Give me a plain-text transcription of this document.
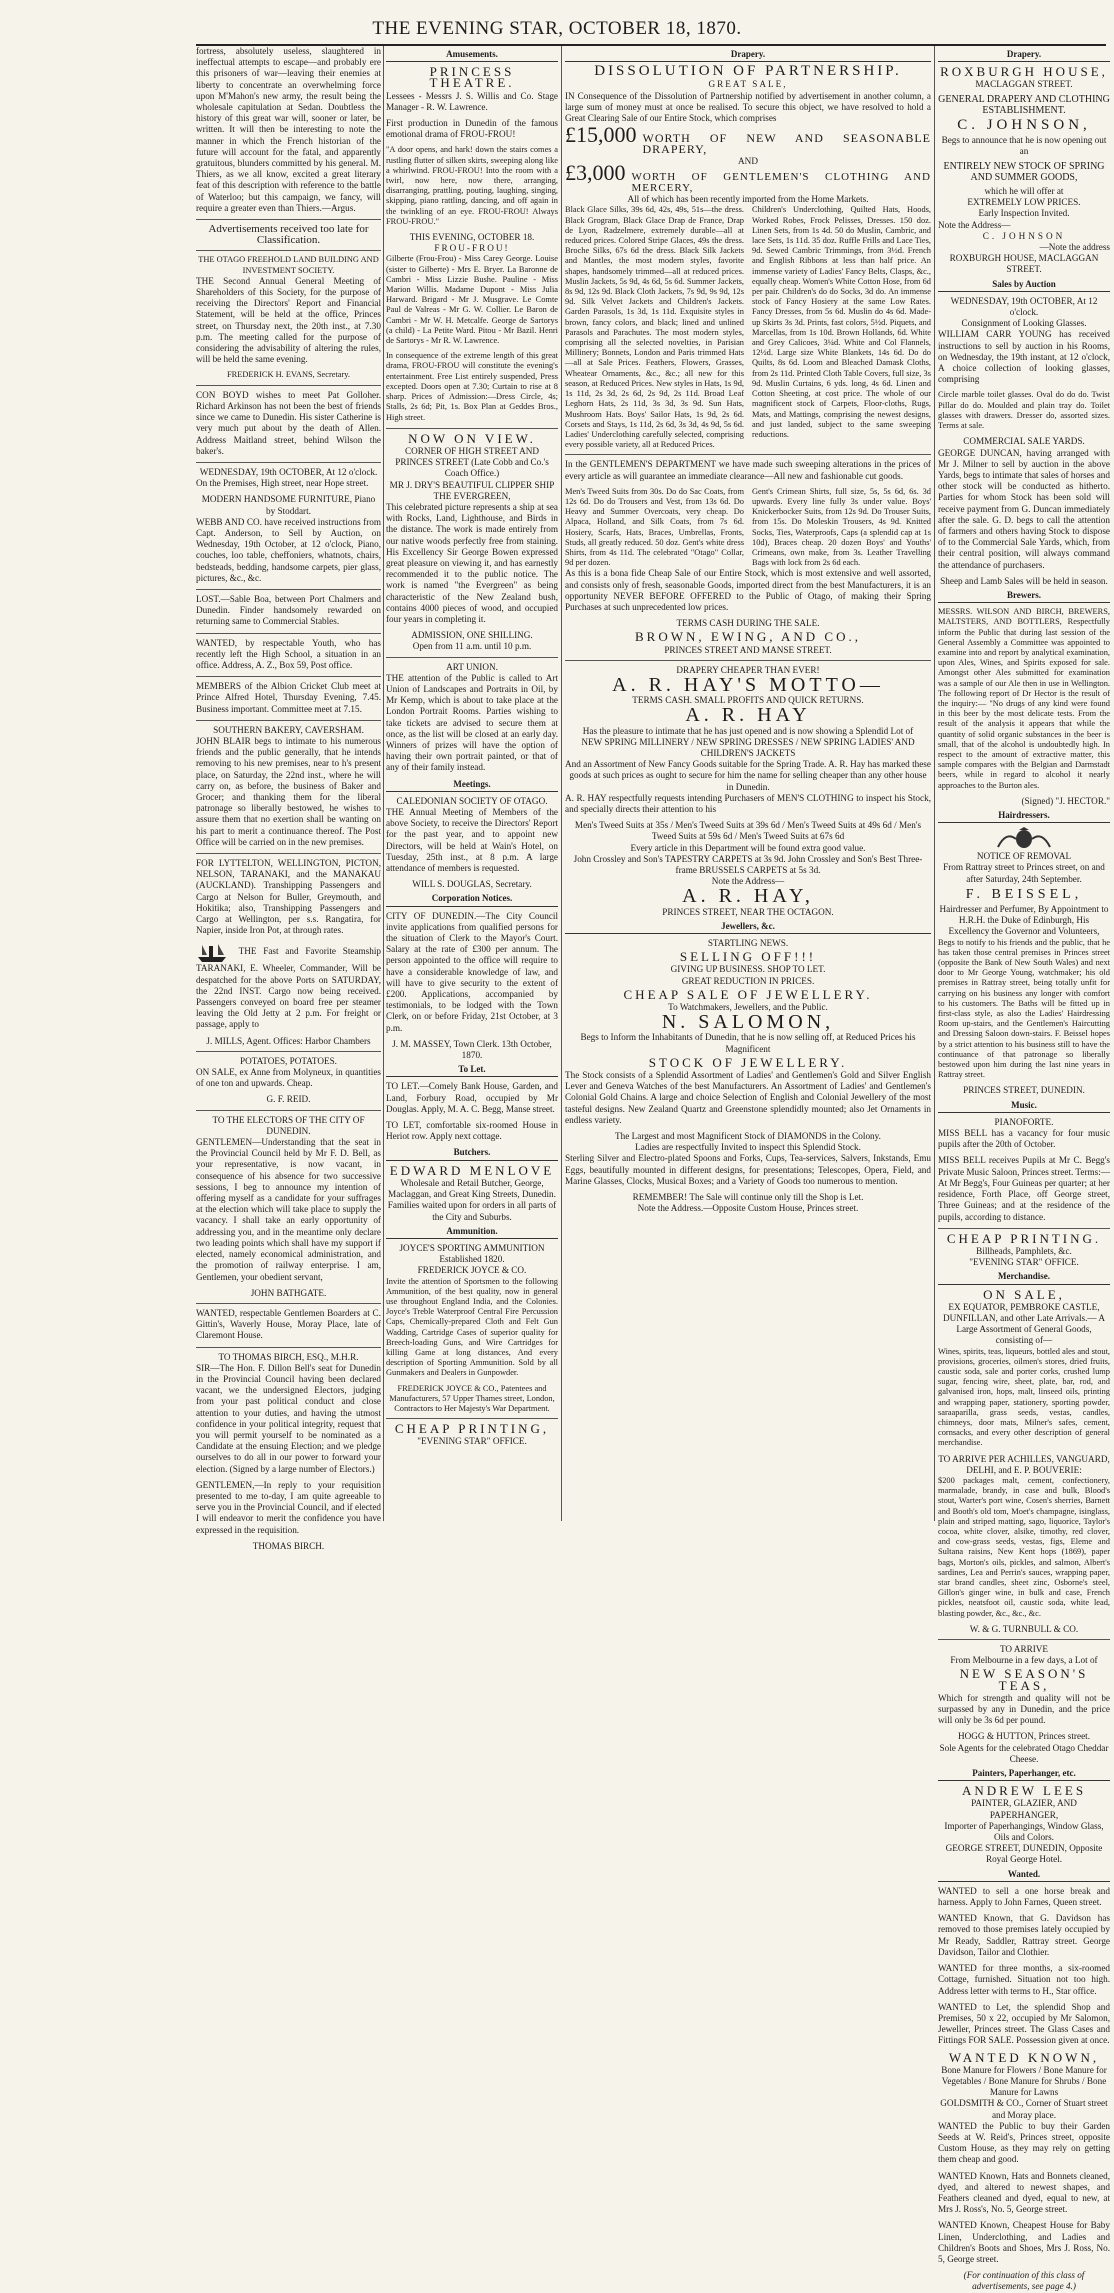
THE EVENING STAR, OCTOBER 18, 1870.

fortress, absolutely useless, slaughtered in ineffectual attempts to escape—and probably ere this prisoners of war—leaving their enemies at liberty to concentrate an overwhelming force upon M'Mahon's new army, the result being the wholesale capitulation at Sedan. Doubtless the history of this great war will, sooner or later, be written. It will then be interesting to note the manner in which the French historian of the future will account for the fatal, and apparently gratuitous, blunders committed by his general. M. Thiers, as we all know, excited a great literary feat of this description with reference to the battle of Waterloo; but this campaign, we fancy, will require a greater even than Thiers.—Argus.

Advertisements received too late for Classification.
THE OTAGO FREEHOLD LAND BUILDING AND INVESTMENT SOCIETY.

THE Second Annual General Meeting of Shareholders of this Society, for the purpose of receiving the Directors' Report and Financial Statement, will be held at the office, Princes street, on Thursday next, the 20th inst., at 7.30 p.m. The meeting called for the purpose of considering the advisability of altering the rules, will be held the same evening.

FREDERICK H. EVANS, Secretary.

CON BOYD wishes to meet Pat Golloher. Richard Arkinson has not been the best of friends since we came to Dunedin. His sister Catherine is very much put about by the death of Allen. Address Maitland street, behind Wilson the baker's.

WEDNESDAY, 19th OCTOBER, At 12 o'clock.

On the Premises, High street, near Hope street.

MODERN HANDSOME FURNITURE, Piano by Stoddart.

WEBB AND CO. have received instructions from Capt. Anderson, to Sell by Auction, on Wednesday, 19th October, at 12 o'clock, Piano, couches, loo table, cheffoniers, whatnots, chairs, bedsteads, bedding, handsome carpets, pier glass, pictures, &c., &c.

LOST.—Sable Boa, between Port Chalmers and Dunedin. Finder handsomely rewarded on returning same to Commercial Stables.

WANTED, by respectable Youth, who has recently left the High School, a situation in an office. Address, A. Z., Box 59, Post office.

MEMBERS of the Albion Cricket Club meet at Prince Alfred Hotel, Thursday Evening, 7.45. Business important. Committee meet at 7.15.

SOUTHERN BAKERY, CAVERSHAM.

JOHN BLAIR begs to intimate to his numerous friends and the public generally, that he intends removing to his new premises, near to h's present place, on Saturday, the 22nd inst., where he will carry on, as before, the business of Baker and Grocer; and thanking them for the liberal patronage so liberally bestowed, he wishes to assure them that no exertion shall be wanting on his part to merit a continuance thereof. The Post Office will be carried on in the new premises.

FOR LYTTELTON, WELLINGTON, PICTON, NELSON, TARANAKI, and the MANAKAU (AUCKLAND). Transhipping Passengers and Cargo at Nelson for Buller, Greymouth, and Hokitika; also, Transhipping Passengers and Cargo at Wellington, per s.s. Rangatira, for Napier, inside Iron Pot, at through rates.

THE Fast and Favorite Steamship TARANAKI, E. Wheeler, Commander, Will be despatched for the above Ports on SATURDAY, the 22nd INST. Cargo now being received. Passengers conveyed on board free per steamer leaving the Old Jetty at 2 p.m. For freight or passage, apply to

J. MILLS, Agent. Offices: Harbor Chambers
POTATOES, POTATOES.

ON SALE, ex Anne from Molyneux, in quantities of one ton and upwards. Cheap.

G. F. REID.
TO THE ELECTORS OF THE CITY OF DUNEDIN.

GENTLEMEN—Understanding that the seat in the Provincial Council held by Mr F. D. Bell, as your representative, is now vacant, in consequence of his absence for two successive sessions, I beg to announce my intention of offering myself as a candidate for your suffrages at the election which will take place to supply the vacancy. I shall take an early opportunity of addressing you, and in the meantime only declare two leading points which shall have my support if elected, namely economical administration, and the promotion of railway enterprise. I am, Gentlemen, your obedient servant,

JOHN BATHGATE.

WANTED, respectable Gentlemen Boarders at C. Gittin's, Waverly House, Moray Place, late of Claremont House.

TO THOMAS BIRCH, ESQ., M.H.R.

SIR—The Hon. F. Dillon Bell's seat for Dunedin in the Provincial Council having been declared vacant, we the undersigned Electors, judging from your past political conduct and close attention to your duties, and having the utmost confidence in your political integrity, request that you will permit yourself to be nominated as a Candidate at the ensuing Election; and we pledge ourselves to do all in our power to forward your election. (Signed by a large number of Electors.)

GENTLEMEN,—In reply to your requisition presented to me to-day, I am quite agreeable to serve you in the Provincial Council, and if elected I will endeavor to merit the confidence you have expressed in the requisition.

THOMAS BIRCH.
Amusements.
PRINCESS THEATRE.

Lessees - Messrs J. S. Willis and Co. Stage Manager - R. W. Lawrence.

First production in Dunedin of the famous emotional drama of FROU-FROU!

"A door opens, and hark! down the stairs comes a rustling flutter of silken skirts, sweeping along like a whirlwind. FROU-FROU! Into the room with a twirl, now here, now there, arranging, disarranging, prattling, pouting, laughing, singing, skipping, piano rattling, dancing, and off again in the twinkling of an eye. FROU-FROU! Always FROU-FROU."

THIS EVENING, OCTOBER 18.
FROU-FROU!

Gilberte (Frou-Frou) - Miss Carey George. Louise (sister to Gilberte) - Mrs E. Bryer. La Baronne de Cambri - Miss Lizzie Bushe. Pauline - Miss Marion Willis. Madame Dupont - Miss Julia Harward. Brigard - Mr J. Musgrave. Le Comte Paul de Valreas - Mr G. W. Collier. Le Baron de Cambri - Mr W. H. Metcalfe. George de Sartorys (a child) - La Petite Ward. Pitou - Mr Bazil. Henri de Sartorys - Mr R. W. Lawrence.

In consequence of the extreme length of this great drama, FROU-FROU will constitute the evening's entertainment. Free List entirely suspended, Press excepted. Doors open at 7.30; Curtain to rise at 8 sharp. Prices of Admission:—Dress Circle, 4s; Stalls, 2s 6d; Pit, 1s. Box Plan at Geddes Bros., High street.

NOW ON VIEW.
CORNER OF HIGH STREET AND PRINCES STREET (Late Cobb and Co.'s Coach Office.)
MR J. DRY'S BEAUTIFUL CLIPPER SHIP THE EVERGREEN,

This celebrated picture represents a ship at sea with Rocks, Land, Lighthouse, and Birds in the distance. The work is made entirely from our native woods perfectly free from staining. His Excellency Sir George Bowen expressed great pleasure on viewing it, and has earnestly recommended it to the public notice. The work is named "the Evergreen" as being characteristic of the New Zealand bush, contains 4000 pieces of wood, and occupied four years in completing it.

ADMISSION, ONE SHILLING.
Open from 11 a.m. until 10 p.m.
ART UNION.

THE attention of the Public is called to Art Union of Landscapes and Portraits in Oil, by Mr Kemp, which is about to take place at the London Portrait Rooms. Parties wishing to take tickets are advised to secure them at once, as the list will be closed at an early day. Winners of prizes will have the option of having their own portrait painted, or that of any of their family instead.

Meetings.
CALEDONIAN SOCIETY OF OTAGO.

THE Annual Meeting of Members of the above Society, to receive the Directors' Report for the past year, and to appoint new Directors, will be held at Wain's Hotel, on Tuesday, 25th inst., at 8 p.m. A large attendance of members is requested.

WILL S. DOUGLAS, Secretary.
Corporation Notices.

CITY OF DUNEDIN.—The City Council invite applications from qualified persons for the situation of Clerk to the Mayor's Court. Salary at the rate of £300 per annum. The person appointed to the office will require to have a considerable knowledge of law, and will have to give security to the extent of £200. Applications, accompanied by testimonials, to be lodged with the Town Clerk, on or before Friday, 21st October, at 3 p.m.

J. M. MASSEY, Town Clerk. 13th October, 1870.
To Let.

TO LET.—Comely Bank House, Garden, and Land, Forbury Road, occupied by Mr Douglas. Apply, M. A. C. Begg, Manse street.

TO LET, comfortable six-roomed House in Heriot row. Apply next cottage.

Butchers.
EDWARD MENLOVE
Wholesale and Retail Butcher, George, Maclaggan, and Great King Streets, Dunedin.
Families waited upon for orders in all parts of the City and Suburbs.
Ammunition.
JOYCE'S SPORTING AMMUNITION Established 1820.
FREDERICK JOYCE & CO.

Invite the attention of Sportsmen to the following Ammunition, of the best quality, now in general use throughout England India, and the Colonies. Joyce's Treble Waterproof Central Fire Percussion Caps, Chemically-prepared Cloth and Felt Gun Wadding, Cartridge Cases of superior quality for Breech-loading Guns, and Wire Cartridges for killing Game at long distances, And every description of Sporting Ammunition. Sold by all Gunmakers and Dealers in Gunpowder.

FREDERICK JOYCE & CO., Patentees and Manufacturers, 57 Upper Thames street, London, Contractors to Her Majesty's War Department.
CHEAP PRINTING,
"EVENING STAR" OFFICE.
Drapery.
DISSOLUTION OF PARTNERSHIP.
GREAT SALE,

IN Consequence of the Dissolution of Partnership notified by advertisement in another column, a large sum of money must at once be realised. To secure this object, we have resolved to hold a Great Clearing Sale of our Entire Stock, which comprises

£15,000 WORTH OF NEW AND SEASONABLE DRAPERY,
AND
£3,000 WORTH OF GENTLEMEN'S CLOTHING AND MERCERY,
All of which has been recently imported from the Home Markets.
Black Glace Silks, 39s 6d, 42s, 49s, 51s—the dress. Black Grogram, Black Glace Drap de France, Drap de Lyon, Radzelmere, extremely durable—all at reduced prices. Colored Stripe Glaces, 49s the dress. Broche Silks, 67s 6d the dress. Black Silk Jackets and Mantles, the most modern styles, favorite shapes, handsomely trimmed—all at reduced prices. Muslin Jackets, 5s 9d, 4s 6d, 5s 6d. Summer Jackets, 8s 9d, 12s 9d. Black Cloth Jackets, 7s 9d, 9s 9d, 12s 9d. Silk Velvet Jackets and Children's Jackets. Garden Parasols, 1s 3d, 1s 11d. Exquisite styles in brown, fancy colors, and black; lined and unlined Parasols and Parachutes. The most modern styles, comprising all the selected novelties, in Parisian Millinery; Bonnets, London and Paris trimmed Hats—all at Sale Prices. Feathers, Flowers, Grasses, Wheatear Ornaments, &c., &c.; all new for this season, at Reduced Prices. New styles in Hats, 1s 9d, 1s 11d, 2s 3d, 2s 6d, 2s 9d, 2s 11d. Broad Leaf Leghorn Hats, 2s 11d, 3s 3d, 3s 9d. Sun Hats, Mushroom Hats. Boys' Sailor Hats, 1s 9d, 2s 6d. Corsets and Stays, 1s 11d, 2s 6d, 3s 3d, 4s 9d, 5s 6d. Ladies' Underclothing carefully selected, comprising every possible variety, all at Reduced Prices.
Children's Underclothing, Quilted Hats, Hoods, Worked Robes, Frock Pelisses, Dresses. 150 doz. Linen Sets, from 1s 4d. 50 do Muslin, Cambric, and lace Sets, 1s 11d. 35 doz. Ruffle Frills and Lace Ties, 9d. Sewed Cambric Trimmings, from 3½d. French and English Ribbons at less than half price. An immense variety of Ladies' Fancy Belts, Clasps, &c., equally cheap. Women's White Cotton Hose, from 6d per pair. Children's do do Socks, 3d do. An immense stock of Fancy Hosiery at the same Low Rates. Fancy Dresses, from 5s 6d. Muslin do 4s 6d. Made-up Skirts 3s 3d. Prints, fast colors, 5½d. Piquets, and Marcellas, from 1s 10d. Brown Hollands, 6d. White and Grey Calicoes, 3¼d. White and Col Flannels, 12½d. Large size White Blankets, 14s 6d. Do do Quilts, 8s 6d. Loom and Bleached Damask Cloths, from 2s 11d. Printed Cloth Table Covers, full size, 3s 9d. Muslin Curtains, 6 yds. long, 4s 6d. Linen and Cotton Sheeting, at cost price. The whole of our magnificent stock of Carpets, Floor-cloths, Rugs, Mats, and Mattings, comprising the newest designs, and just landed, subject to the same sweeping reductions.

In the GENTLEMEN'S DEPARTMENT we have made such sweeping alterations in the prices of every article as will guarantee an immediate clearance—All new and fashionable cut goods.

Men's Tweed Suits from 30s. Do do Sac Coats, from 12s 6d. Do do Trousers and Vest, from 13s 6d. Do Heavy and Summer Overcoats, very cheap. Do Alpaca, Holland, and Silk Coats, from 7s 6d. Hosiery, Scarfs, Hats, Braces, Umbrellas, Fronts, Studs, all greatly reduced. 50 doz. Gent's white dress Shirts, from 4s 11d. The celebrated "Otago" Collar, 9d per dozen.
Gent's Crimean Shirts, full size, 5s, 5s 6d, 6s. 3d upwards. Every line fully 3s under value. Boys' Knickerbocker Suits, from 12s 9d. Do Trouser Suits, from 15s. Do Moleskin Trousers, 4s 9d. Knitted Socks, Ties, Waterproofs, Caps (a splendid cap at 1s 10d), Braces cheap. 20 dozen Boys' and Youths' Crimeans, own make, from 3s. Leather Travelling Bags with lock from 2s 6d each.

As this is a bona fide Cheap Sale of our Entire Stock, which is most extensive and well assorted, and consists only of fresh, seasonable Goods, imported direct from the best Manufacturers, it is an opportunity NEVER BEFORE OFFERED to the Public of Otago, of making their Spring Purchases at such unprecedented low prices.

TERMS CASH DURING THE SALE.
BROWN, EWING, AND CO.,
PRINCES STREET AND MANSE STREET.
DRAPERY CHEAPER THAN EVER!
A. R. HAY'S MOTTO—
TERMS CASH. SMALL PROFITS AND QUICK RETURNS.
A. R. HAY
Has the pleasure to intimate that he has just opened and is now showing a Splendid Lot of
NEW SPRING MILLINERY / NEW SPRING DRESSES / NEW SPRING LADIES' AND CHILDREN'S JACKETS
And an Assortment of New Fancy Goods suitable for the Spring Trade. A. R. Hay has marked these goods at such prices as ought to secure for him the name for selling cheaper than any other house in Dunedin.

A. R. HAY respectfully requests intending Purchasers of MEN'S CLOTHING to inspect his Stock, and specially directs their attention to his

Men's Tweed Suits at 35s / Men's Tweed Suits at 39s 6d / Men's Tweed Suits at 49s 6d / Men's Tweed Suits at 59s 6d / Men's Tweed Suits at 67s 6d
Every article in this Department will be found extra good value.
John Crossley and Son's TAPESTRY CARPETS at 3s 9d. John Crossley and Son's Best Three-frame BRUSSELS CARPETS at 5s 3d.
Note the Address—
A. R. HAY,
PRINCES STREET, NEAR THE OCTAGON.
Jewellers, &c.
STARTLING NEWS.
SELLING OFF!!!
GIVING UP BUSINESS. SHOP TO LET.
GREAT REDUCTION IN PRICES.
CHEAP SALE OF JEWELLERY.
To Watchmakers, Jewellers, and the Public.
N. SALOMON,
Begs to Inform the Inhabitants of Dunedin, that he is now selling off, at Reduced Prices his Magnificent
STOCK OF JEWELLERY.

The Stock consists of a Splendid Assortment of Ladies' and Gentlemen's Gold and Silver English Lever and Geneva Watches of the best Manufacturers. An Assortment of Ladies' and Gentlemen's Colonial Gold Chains. A large and choice Selection of English and Colonial Jewellery of the most tasteful designs. New Zealand Quartz and Greenstone splendidly mounted; also Jet Ornaments in endless variety.

The Largest and most Magnificent Stock of DIAMONDS in the Colony.
Ladies are respectfully Invited to inspect this Splendid Stock.

Sterling Silver and Electro-plated Spoons and Forks, Cups, Tea-services, Salvers, Inkstands, Emu Eggs, beautifully mounted in different designs, for presentations; Telescopes, Opera, Field, and Marine Glasses, Clocks, Musical Boxes; and a Variety of Goods too numerous to mention.

REMEMBER! The Sale will continue only till the Shop is Let.
Note the Address.—Opposite Custom House, Princes street.
Drapery.
ROXBURGH HOUSE,
MACLAGGAN STREET.
GENERAL DRAPERY AND CLOTHING ESTABLISHMENT.
C. JOHNSON,
Begs to announce that he is now opening out an
ENTIRELY NEW STOCK OF SPRING AND SUMMER GOODS,
which he will offer at
EXTREMELY LOW PRICES.
Early Inspection Invited.
Note the Address—
C. JOHNSON
—Note the address
ROXBURGH HOUSE, MACLAGGAN STREET.
Sales by Auction
WEDNESDAY, 19th OCTOBER, At 12 o'clock.
Consignment of Looking Glasses.

WILLIAM CARR YOUNG has received instructions to sell by auction in his Rooms, on Wednesday, the 19th instant, at 12 o'clock, A choice collection of looking glasses, comprising

Circle marble toilet glasses. Oval do do do. Twist Pillar do do. Moulded and plain tray do. Toilet glasses with drawers. Dresser do, assorted sizes. Terms at sale.

COMMERCIAL SALE YARDS.

GEORGE DUNCAN, having arranged with Mr J. Milner to sell by auction in the above Yards, begs to intimate that sales of horses and other stock will be conducted as hitherto. Parties for whom Stock has been sold will receive payment from G. Duncan immediately after the sale. G. D. begs to call the attention of farmers and others having Stock to dispose of to the Commercial Sale Yards, which, from their central position, will always command the attendance of purchasers.

Sheep and Lamb Sales will be held in season.
Brewers.

MESSRS. WILSON AND BIRCH, BREWERS, MALTSTERS, AND BOTTLERS, Respectfully inform the Public that during last session of the General Assembly a Committee was appointed to examine into and report by analytical examination, upon Ales, Wines, and Spirits exposed for sale. Amongst other Ales submitted for examination was a sample of our Ale then in use in Wellington. The following report of Dr Hector is the result of the inquiry:— "No drugs of any kind were found in this beer by the most delicate tests. From the result of the analysis it appears that while the quantity of solid organic substances in the beer is small, that of the alcohol is undoubtedly high. In respect to the amount of extractive matter, this sample compares with the Belgian and Darmstadt beers, while in regard to alcohol it nearly approaches to the Burton ales.

(Signed) "J. HECTOR."
Hairdressers.
NOTICE OF REMOVAL
From Rattray street to Princes street, on and after Saturday, 24th September.
F. BEISSEL,
Hairdresser and Perfumer, By Appointment to H.R.H. the Duke of Edinburgh, His Excellency the Governor and Volunteers,

Begs to notify to his friends and the public, that he has taken those central premises in Princes street (opposite the Bank of New South Wales) and next door to Mr George Young, watchmaker; his old premises in Rattray street, being totally unfit for carrying on his business any longer with comfort to his customers. The Baths will be fitted up in first-class style, as also the Ladies' Hairdressing Room up-stairs, and the Gentlemen's Haircutting and Dressing Saloon down-stairs. F. Beissel hopes by a strict attention to his business still to have the continuance of that patronage so liberally bestowed upon him during the last nine years in Rattray street.

PRINCES STREET, DUNEDIN.
Music.
PIANOFORTE.

MISS BELL has a vacancy for four music pupils after the 20th of October.

MISS BELL receives Pupils at Mr C. Begg's Private Music Saloon, Princes street. Terms:—At Mr Begg's, Four Guineas per quarter; at her residence, Forth Place, off George street, Three Guineas; and at the residence of the pupils, according to distance.

CHEAP PRINTING.
Billheads, Pamphlets, &c.
"EVENING STAR" OFFICE.
Merchandise.
ON SALE,
EX EQUATOR, PEMBROKE CASTLE, DUNFILLAN, and other Late Arrivals.— A Large Assortment of General Goods, consisting of—

Wines, spirits, teas, liqueurs, bottled ales and stout, provisions, groceries, oilmen's stores, dried fruits, caustic soda, sale and porter corks, crushed lump sugar, fencing wire, sheet, plate, bar, rod, and galvanised iron, hops, malt, linseed oils, printing and wrapping paper, stationery, sporting powder, saraaparilla, grass seeds, vestas, candles, chimneys, door mats, Milner's safes, cement, cornsacks, and every other description of general merchandise.

TO ARRIVE PER ACHILLES, VANGUARD, DELHI, and E. P. BOUVERIE:

$200 packages malt, cement, confectionery, marmalade, brandy, in case and bulk, Blood's stout, Warter's port wine, Cosen's sherries, Barnett and Booth's old tom, Moet's champagne, isinglass, plain and striped matting, sago, liquorice, Taylor's cocoa, white clover, alsike, timothy, red clover, and cow-grass seeds, vestas, figs, Eleme and Sultana raisins, New Kent hops (1869), paper bags, Morton's oils, pickles, and salmon, Albert's sardines, Lea and Perrin's sauces, wrapping paper, star brand candles, sheet zinc, Osborne's steel, Gillon's ginger wine, in bulk and case, French pickles, neatsfoot oil, caustic soda, white lead, blasting powder, &c., &c., &c.

W. & G. TURNBULL & CO.
TO ARRIVE
From Melbourne in a few days, a Lot of
NEW SEASON'S TEAS,

Which for strength and quality will not be surpassed by any in Dunedin, and the price will only be 3s 6d per pound.

HOGG & HUTTON, Princes street.
Sole Agents for the celebrated Otago Cheddar Cheese.
Painters, Paperhanger, etc.
ANDREW LEES
PAINTER, GLAZIER, AND PAPERHANGER,
Importer of Paperhangings, Window Glass, Oils and Colors.
GEORGE STREET, DUNEDIN, Opposite Royal George Hotel.
Wanted.

WANTED to sell a one horse break and harness. Apply to John Farnes, Queen street.

WANTED Known, that G. Davidson has removed to those premises lately occupied by Mr Ready, Saddler, Rattray street. George Davidson, Tailor and Clothier.

WANTED for three months, a six-roomed Cottage, furnished. Situation not too high. Address letter with terms to H., Star office.

WANTED to Let, the splendid Shop and Premises, 50 x 22, occupied by Mr Salomon, Jeweller, Princes street. The Glass Cases and Fittings FOR SALE. Possession given at once.

WANTED KNOWN,
Bone Manure for Flowers / Bone Manure for Vegetables / Bone Manure for Shrubs / Bone Manure for Lawns
GOLDSMITH & CO., Corner of Stuart street and Moray place.

WANTED the Public to buy their Garden Seeds at W. Reid's, Princes street, opposite Custom House, as they may rely on getting them cheap and good.

WANTED Known, Hats and Bonnets cleaned, dyed, and altered to newest shapes, and Feathers cleaned and dyed, equal to new, at Mrs J. Ross's, No. 5, George street.

WANTED Known, Cheapest House for Baby Linen, Underclothing, and Ladies and Children's Boots and Shoes, Mrs J. Ross, No. 5, George street.

(For continuation of this class of advertisements, see page 4.)
